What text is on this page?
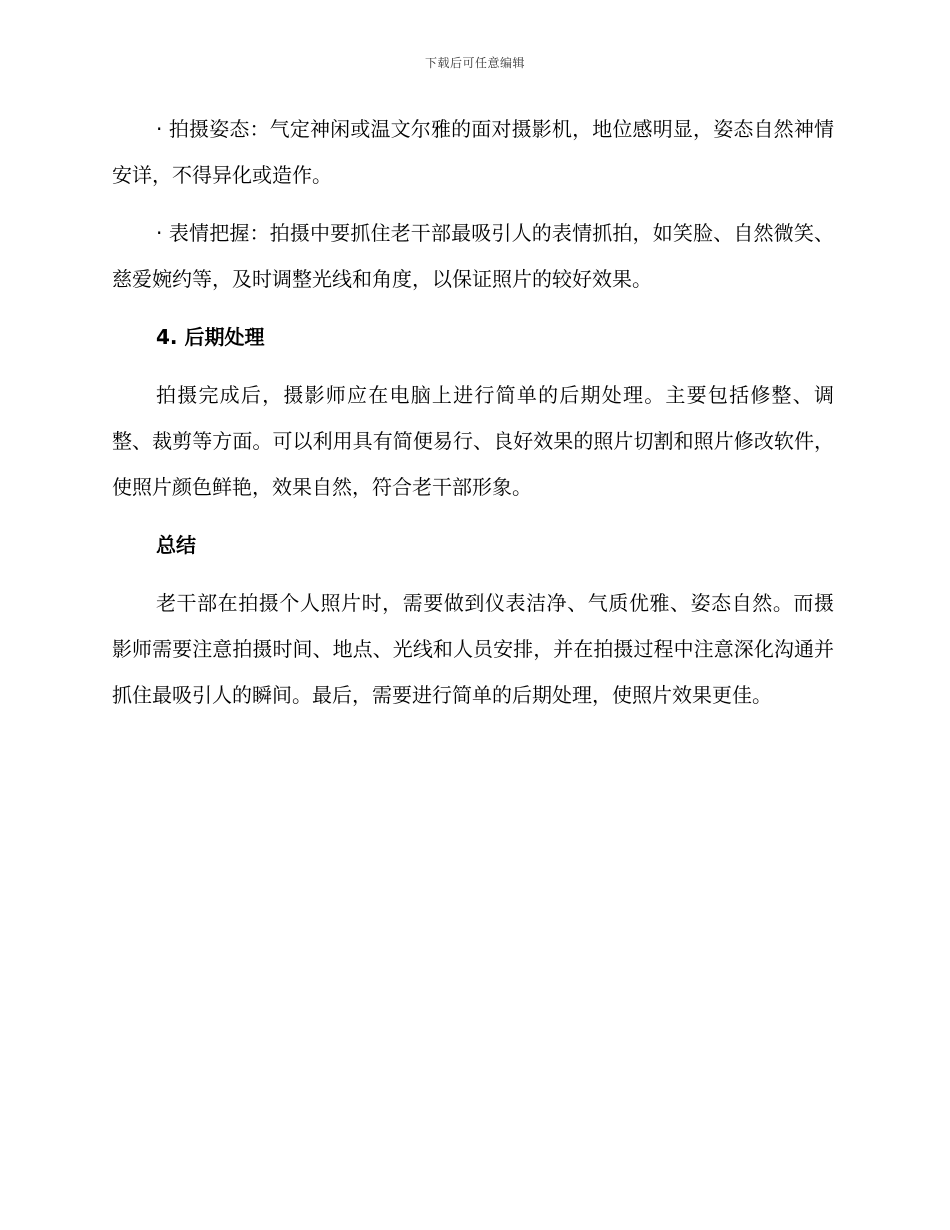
下载后可任意编辑

· 拍摄姿态：气定神闲或温文尔雅的面对摄影机，地位感明显，姿态自然神情安详，不得异化或造作。

· 表情把握：拍摄中要抓住老干部最吸引人的表情抓拍，如笑脸、自然微笑、慈爱婉约等，及时调整光线和角度，以保证照片的较好效果。

4. 后期处理

拍摄完成后，摄影师应在电脑上进行简单的后期处理。主要包括修整、调整、裁剪等方面。可以利用具有简便易行、良好效果的照片切割和照片修改软件，使照片颜色鲜艳，效果自然，符合老干部形象。

总结

老干部在拍摄个人照片时，需要做到仪表洁净、气质优雅、姿态自然。而摄影师需要注意拍摄时间、地点、光线和人员安排，并在拍摄过程中注意深化沟通并抓住最吸引人的瞬间。最后，需要进行简单的后期处理，使照片效果更佳。
